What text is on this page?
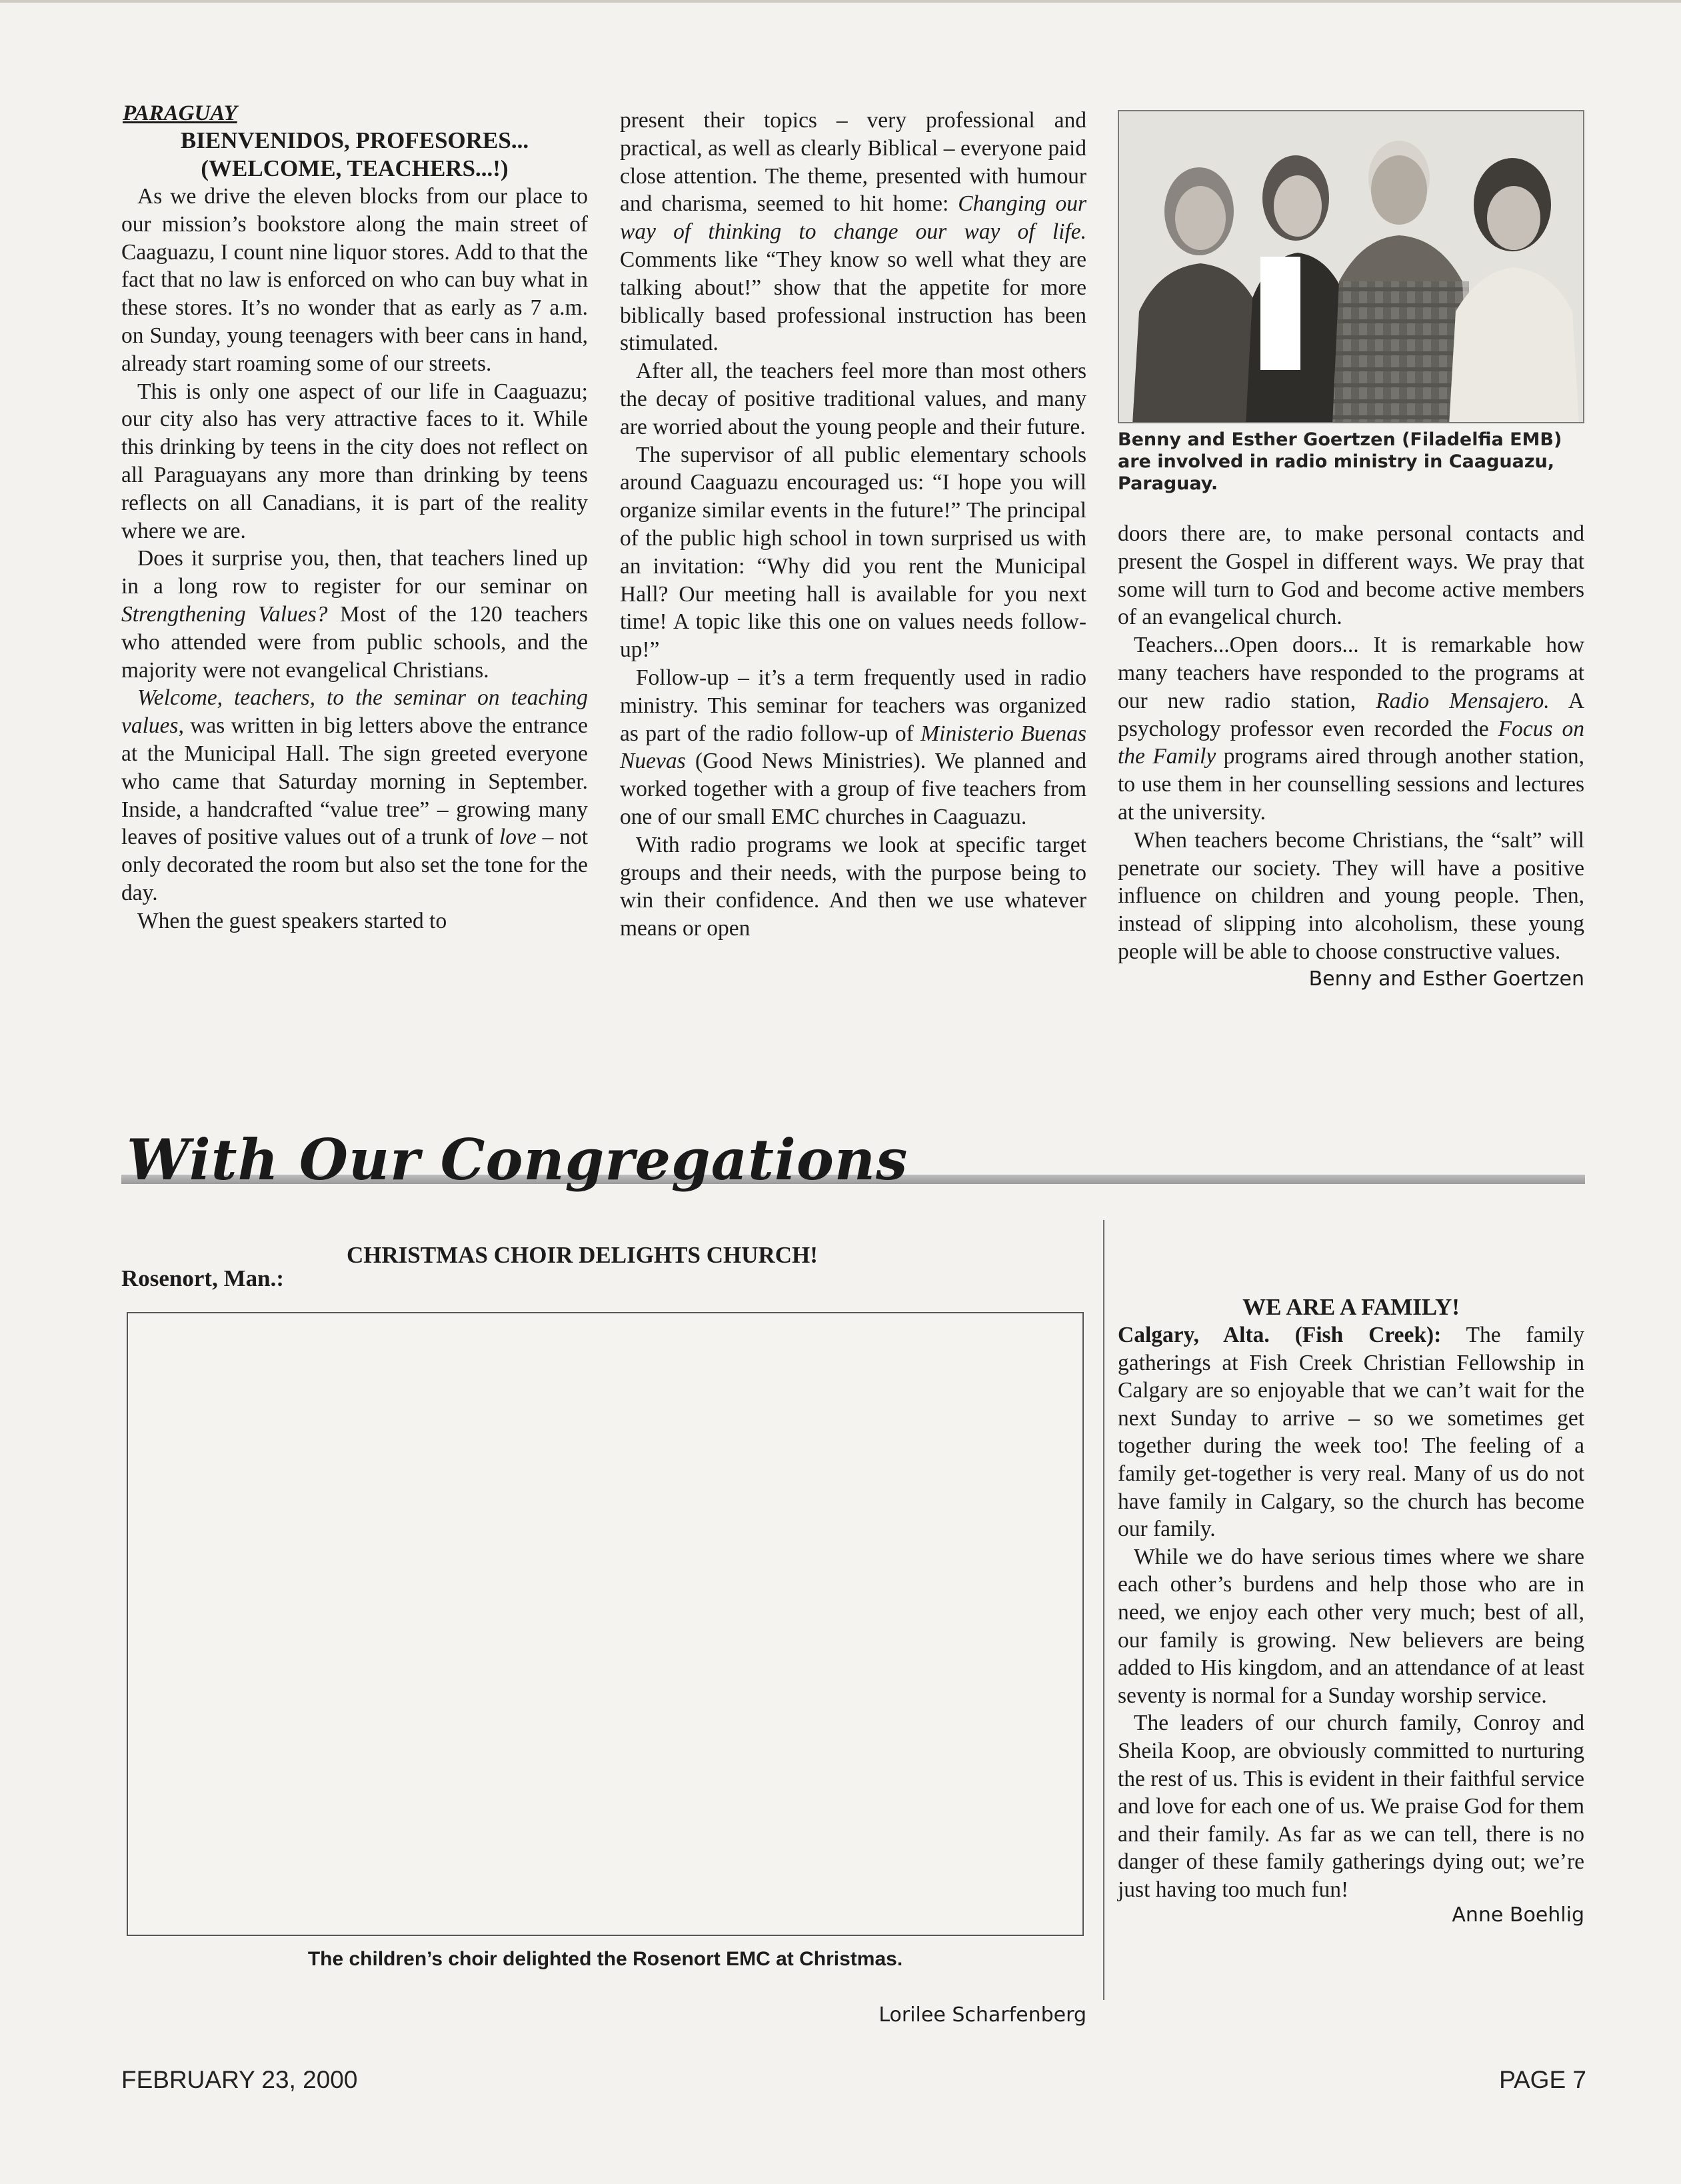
PARAGUAY
BIENVENIDOS, PROFESORES...
(WELCOME, TEACHERS...!)

As we drive the eleven blocks from our place to our mission’s bookstore along the main street of Caaguazu, I count nine liquor stores. Add to that the fact that no law is enforced on who can buy what in these stores. It’s no wonder that as early as 7 a.m. on Sunday, young teenagers with beer cans in hand, already start roaming some of our streets.

This is only one aspect of our life in Caaguazu; our city also has very attractive faces to it. While this drinking by teens in the city does not reflect on all Paraguayans any more than drinking by teens reflects on all Canadians, it is part of the reality where we are.

Does it surprise you, then, that teachers lined up in a long row to register for our seminar on Strengthening Values? Most of the 120 teachers who attended were from public schools, and the majority were not evangelical Christians.

Welcome, teachers, to the seminar on teaching values, was written in big letters above the entrance at the Municipal Hall. The sign greeted everyone who came that Saturday morning in September. Inside, a handcrafted “value tree” – growing many leaves of positive values out of a trunk of love – not only decorated the room but also set the tone for the day.

When the guest speakers started to

present their topics – very professional and practical, as well as clearly Biblical – everyone paid close attention. The theme, presented with humour and charisma, seemed to hit home: Changing our way of thinking to change our way of life. Comments like “They know so well what they are talking about!” show that the appetite for more biblically based professional instruction has been stimulated.

After all, the teachers feel more than most others the decay of positive traditional values, and many are worried about the young people and their future.

The supervisor of all public elementary schools around Caaguazu encouraged us: “I hope you will organize similar events in the future!” The principal of the public high school in town surprised us with an invitation: “Why did you rent the Municipal Hall? Our meeting hall is available for you next time! A topic like this one on values needs follow-up!”

Follow-up – it’s a term frequently used in radio ministry. This seminar for teachers was organized as part of the radio follow-up of Ministerio Buenas Nuevas (Good News Ministries). We planned and worked together with a group of five teachers from one of our small EMC churches in Caaguazu.

With radio programs we look at specific target groups and their needs, with the purpose being to win their confidence. And then we use whatever means or open

Benny and Esther Goertzen (Filadelfia EMB) are involved in radio ministry in Caaguazu, Paraguay.

doors there are, to make personal contacts and present the Gospel in different ways. We pray that some will turn to God and become active members of an evangelical church.

Teachers...Open doors... It is remarkable how many teachers have responded to the programs at our new radio station, Radio Mensajero. A psychology professor even recorded the Focus on the Family programs aired through another station, to use them in her counselling sessions and lectures at the university.

When teachers become Christians, the “salt” will penetrate our society. They will have a positive influence on children and young people. Then, instead of slipping into alcoholism, these young people will be able to choose constructive values.

Benny and Esther Goertzen
With Our Congregations
CHRISTMAS CHOIR DELIGHTS CHURCH!
Rosenort, Man.:
The children’s choir delighted the Rosenort EMC at Christmas.
Lorilee Scharfenberg
WE ARE A FAMILY!

Calgary, Alta. (Fish Creek): The family gatherings at Fish Creek Christian Fellowship in Calgary are so enjoyable that we can’t wait for the next Sunday to arrive – so we sometimes get together during the week too! The feeling of a family get-together is very real. Many of us do not have family in Calgary, so the church has become our family.

While we do have serious times where we share each other’s burdens and help those who are in need, we enjoy each other very much; best of all, our family is growing. New believers are being added to His kingdom, and an attendance of at least seventy is normal for a Sunday worship service.

The leaders of our church family, Conroy and Sheila Koop, are obviously committed to nurturing the rest of us. This is evident in their faithful service and love for each one of us. We praise God for them and their family. As far as we can tell, there is no danger of these family gatherings dying out; we’re just having too much fun!

Anne Boehlig
FEBRUARY 23, 2000	PAGE 7
